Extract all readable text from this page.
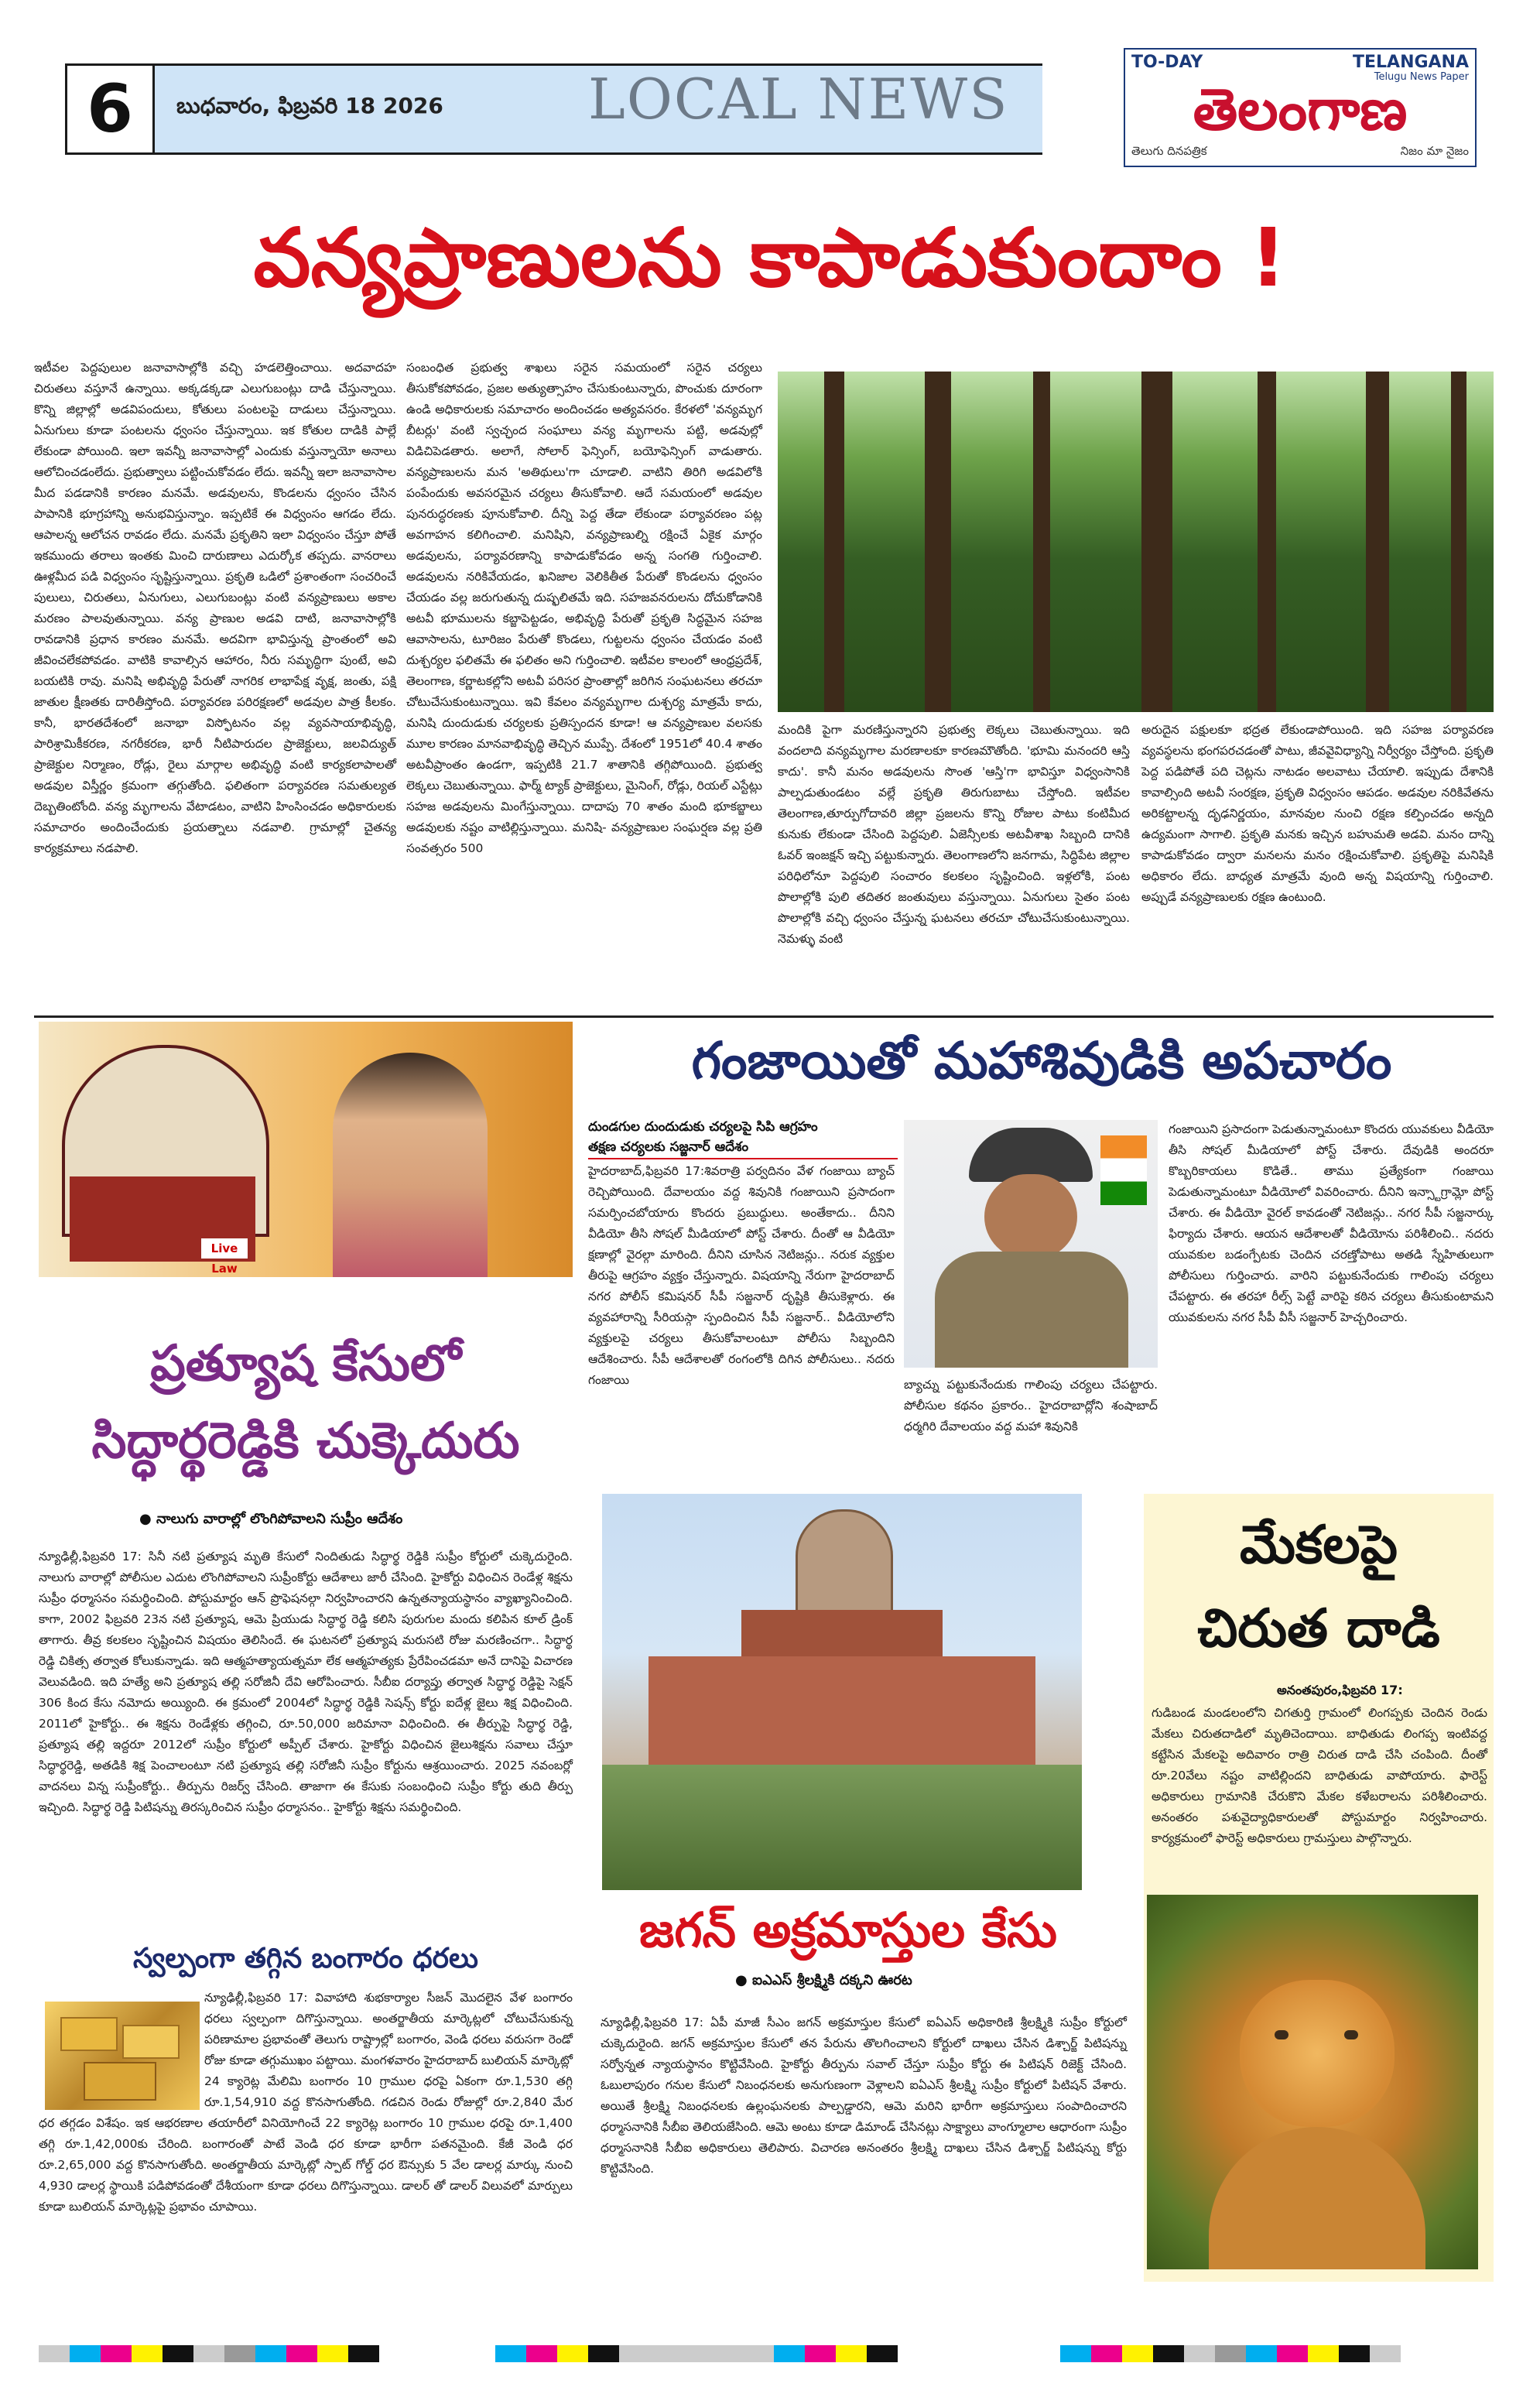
6	బుధవారం, ఫిబ్రవరి 18 2026	LOCAL NEWS
TO-DAY	TELANGANA
Telugu News Paper
తెలంగాణ
తెలుగు దినపత్రిక	నిజం మా నైజం
వన్యప్రాణులను కాపాడుకుందాం !
ఇటీవల పెద్దపులుల జనావాసాల్లోకి వచ్చి హడలెత్తించాయి. అదవాదహ చిరుతలు వస్తూనే ఉన్నాయి. అక్కడక్కడా ఎలుగుబంట్లు దాడి చేస్తున్నాయి. కొన్ని జిల్లాల్లో అడవిపందులు, కోతులు పంటలపై దాడులు చేస్తున్నాయి. ఏనుగులు కూడా పంటలను ధ్వంసం చేస్తున్నాయి. ఇక కోతుల దాడికి పాల్లే లేకుండా పోయింది. ఇలా ఇవన్నీ జనావాసాల్లో ఎందుకు వస్తున్నాయో అనాలు ఆలోచించడంలేదు. ప్రభుత్వాలు పట్టించుకోవడం లేదు. ఇవన్నీ ఇలా జనావాసాల మీద పడడానికి కారణం మనమే. అడవులను, కొండలను ధ్వంసం చేసిన పాపానికి భూగ్రహాన్ని అనుభవిస్తున్నాం. ఇప్పటికే ఈ విధ్వంసం ఆగడం లేదు. ఆపాలన్న ఆలోచన రావడం లేదు. మనమే ప్రకృతిని ఇలా విధ్వంసం చేస్తూ పోతే ఇకముందు తరాలు ఇంతకు మించి దారుణాలు ఎదుర్కోక తప్పదు. వానరాలు ఊళ్లమీద పడి విధ్వంసం సృష్టిస్తున్నాయి. ప్రకృతి ఒడిలో ప్రశాంతంగా సంచరించే పులులు, చిరుతలు, ఏనుగులు, ఎలుగుబంట్లు వంటి వన్యప్రాణులు అకాల మరణం పాలవుతున్నాయి. వన్య ప్రాణుల అడవి దాటి, జనావాసాల్లోకి రావడానికి ప్రధాన కారణం మనమే. అదవిగా భావిస్తున్న ప్రాంతంలో అవి జీవించలేకపోవడం. వాటికి కావాల్సిన ఆహారం, నీరు సమృద్ధిగా పుంటే, అవి బయటికి రావు. మనిషి అభివృద్ధి పేరుతో నాగరిక లాభాపేక్ష వృక్ష, జంతు, పక్షి జాతుల క్షీణతకు దారితీస్తోంది. పర్యావరణ పరిరక్షణలో అడవుల పాత్ర కీలకం. కానీ, భారతదేశంలో జనాభా విస్ఫోటనం వల్ల వ్యవసాయాభివృద్ధి, పారిశ్రామికీకరణ, నగరీకరణ, భారీ నీటిపారుదల ప్రాజెక్టులు, జలవిద్యుత్ ప్రాజెక్టుల నిర్మాణం, రోడ్లు, రైలు మార్గాల అభివృద్ధి వంటి కార్యకలాపాలతో అడవుల విస్తీర్ణం క్రమంగా తగ్గుతోంది. ఫలితంగా పర్యావరణ సమతుల్యత దెబ్బతింటోంది. వన్య మృగాలను వేటాడటం, వాటిని హింసించడం అధికారులకు సమాచారం అందించేందుకు ప్రయత్నాలు నడవాలి. గ్రామాల్లో చైతన్య కార్యక్రమాలు నడపాలి.
సంబంధిత ప్రభుత్వ శాఖలు సరైన సమయంలో సరైన చర్యలు తీసుకోకపోవడం, ప్రజల అత్యుత్సాహం చేసుకుంటున్నారు, పొంచుకు దూరంగా ఉండి అధికారులకు సమాచారం అందించడం అత్యవసరం. కేరళలో 'వన్యమృగ బీటర్లు' వంటి స్వచ్ఛంద సంఘాలు వన్య మృగాలను పట్టి, అడవుల్లో విడిచిపెడతారు. అలాగే, సోలార్ ఫెన్సింగ్, బయోఫెన్సింగ్ వాడుతారు. వన్యప్రాణులను మన 'అతిథులు'గా చూడాలి. వాటిని తిరిగి అడవిలోకి పంపేందుకు అవసరమైన చర్యలు తీసుకోవాలి. ఆదే సమయంలో అడవుల పునరుద్ధరణకు పూనుకోవాలి. దీన్ని పెద్ద తేడా లేకుండా పర్యావరణం పట్ల అవగాహన కలిగించాలి. మనిషిని, వన్యప్రాణుల్ని రక్షించే ఏకైక మార్గం అడవులను, పర్యావరణాన్ని కాపాడుకోవడం అన్న సంగతి గుర్తించాలి. అడవులను నరికివేయడం, ఖనిజాల వెలికితీత పేరుతో కొండలను ధ్వంసం చేయడం వల్ల జరుగుతున్న దుష్ఫలితమే ఇది. సహజవనరులను దోచుకోడానికి అటవీ భూములను కబ్జాపెట్టడం, అభివృద్ధి పేరుతో ప్రకృతి సిద్ధమైన సహజ ఆవాసాలను, టూరిజం పేరుతో కొండలు, గుట్టలను ధ్వంసం చేయడం వంటి దుశ్చర్యల ఫలితమే ఈ ఫలితం అని గుర్తించాలి. ఇటీవల కాలంలో ఆంధ్రప్రదేశ్, తెలంగాణ, కర్ణాటకల్లోని అటవీ పరిసర ప్రాంతాల్లో జరిగిన సంఘటనలు తరచూ చోటుచేసుకుంటున్నాయి. ఇవి కేవలం వన్యమృగాల దుశ్చర్య మాత్రమే కాదు, మనిషి దుందుడుకు చర్యలకు ప్రతిస్పందన కూడా! ఆ వన్యప్రాణుల వలసకు మూల కారణం మానవాభివృద్ధి తెచ్చిన ముప్పే. దేశంలో 1951లో 40.4 శాతం అటవీప్రాంతం ఉండగా, ఇప్పటికి 21.7 శాతానికి తగ్గిపోయింది. ప్రభుత్వ లెక్కలు చెబుతున్నాయి. ఫార్మ్ ట్యాక్ ప్రాజెక్టులు, మైనింగ్, రోడ్లు, రియల్ ఎస్టేట్లు సహజ అడవులను మింగేస్తున్నాయి. దాదాపు 70 శాతం మంది భూకబ్జాలు అడవులకు నష్టం వాటిల్లిస్తున్నాయి. మనిషి- వన్యప్రాణుల సంఘర్షణ వల్ల ప్రతి సంవత్సరం 500
మందికి పైగా మరణిస్తున్నారని ప్రభుత్వ లెక్కలు చెబుతున్నాయి. ఇది వందలాది వన్యమృగాల మరణాలకూ కారణమౌతోంది. 'భూమి మనందరి ఆస్తి కాదు'. కానీ మనం అడవులను సొంత 'ఆస్తి'గా భావిస్తూ విధ్వంసానికి పాల్పడుతుండటం వల్లే ప్రకృతి తిరుగుబాటు చేస్తోంది. ఇటీవల తెలంగాణ,తూర్పుగోదావరి జిల్లా ప్రజలను కొన్ని రోజుల పాటు కంటిమీద కునుకు లేకుండా చేసింది పెద్దపులి. ఏజెన్సీలకు అటవీశాఖ సిబ్బంది దానికి ఓవర్ ఇంజక్షన్ ఇచ్చి పట్టుకున్నారు. తెలంగాణలోని జనగామ, సిద్ధిపేట జిల్లాల పరిధిలోనూ పెద్దపులి సంచారం కలకలం సృష్టించింది. ఇళ్లలోకి, పంట పొలాల్లోకి పులి తదితర జంతువులు వస్తున్నాయి. ఏనుగులు సైతం పంట పొలాల్లోకి వచ్చి ధ్వంసం చేస్తున్న ఘటనలు తరచూ చోటుచేసుకుంటున్నాయి. నెమళ్ళు వంటి
అరుదైన పక్షులకూ భద్రత లేకుండాపోయింది. ఇది సహజ పర్యావరణ వ్యవస్థలను భంగపరచడంతో పాటు, జీవవైవిధ్యాన్ని నిర్వీర్యం చేస్తోంది. ప్రకృతి పెద్ద పడిపోతే పది చెట్లను నాటడం అలవాటు చేయాలి. ఇప్పుడు దేశానికి కావాల్సింది అటవీ సంరక్షణ, ప్రకృతి విధ్వంసం ఆపడం. అడవుల నరికివేతను అరికట్టాలన్న దృఢనిర్ణయం, మానవుల నుంచి రక్షణ కల్పించడం అన్నది ఉద్యమంగా సాగాలి. ప్రకృతి మనకు ఇచ్చిన బహుమతి అడవి. మనం దాన్ని కాపాడుకోవడం ద్వారా మనలను మనం రక్షించుకోవాలి. ప్రకృతిపై మనిషికి అధికారం లేదు. బాధ్యత మాత్రమే వుంది అన్న విషయాన్ని గుర్తించాలి. అప్పుడే వన్యప్రాణులకు రక్షణ ఉంటుంది.
Live Law
ప్రత్యూష కేసులో
సిద్ధార్థరెడ్డికి చుక్కెదురు
● నాలుగు వారాల్లో లొంగిపోవాలని సుప్రీం ఆదేశం
న్యూఢిల్లీ,ఫిబ్రవరి 17: సినీ నటి ప్రత్యూష మృతి కేసులో నిందితుడు సిద్ధార్థ రెడ్డికి సుప్రీం కోర్టులో చుక్కెదురైంది. నాలుగు వారాల్లో పోలీసుల ఎదుట లొంగిపోవాలని సుప్రీంకోర్టు ఆదేశాలు జారీ చేసింది. హైకోర్టు విధించిన రెండేళ్ల శిక్షను సుప్రీం ధర్మాసనం సమర్థించింది. పోస్టుమార్టం ఆన్ ప్రొఫెషనల్గా నిర్వహించారని ఉన్నతన్యాయస్థానం వ్యాఖ్యానించింది. కాగా, 2002 ఫిబ్రవరి 23న నటి ప్రత్యూష, ఆమె ప్రియుడు సిద్ధార్థ రెడ్డి కలిసి పురుగుల మందు కలిపిన కూల్ డ్రింక్ తాగారు. తీవ్ర కలకలం సృష్టించిన విషయం తెలిసిందే. ఈ ఘటనలో ప్రత్యూష మరుసటి రోజు మరణించగా.. సిద్ధార్థ రెడ్డి చికిత్స తర్వాత కోలుకున్నాడు. ఇది ఆత్మహత్యాయత్నమా లేక ఆత్మహత్యకు ప్రేరేపించడమా అనే దానిపై విచారణ వెలువడింది. ఇది హత్యే అని ప్రత్యూష తల్లి సరోజినీ దేవి ఆరోపించారు. సీబీఐ దర్యాప్తు తర్వాత సిద్ధార్థ రెడ్డిపై సెక్షన్ 306 కింద కేసు నమోదు అయ్యింది. ఈ క్రమంలో 2004లో సిద్ధార్థ రెడ్డికి సెషన్స్ కోర్టు ఐదేళ్ల జైలు శిక్ష విధించింది. 2011లో హైకోర్టు.. ఈ శిక్షను రెండేళ్లకు తగ్గించి, రూ.50,000 జరిమానా విధించింది. ఈ తీర్పుపై సిద్ధార్థ రెడ్డి, ప్రత్యూష తల్లి ఇద్దరూ 2012లో సుప్రీం కోర్టులో అప్పీల్ చేశారు. హైకోర్టు విధించిన జైలుశిక్షను సవాలు చేస్తూ సిద్ధార్థరెడ్డి, అతడికి శిక్ష పెంచాలంటూ నటి ప్రత్యూష తల్లి సరోజినీ సుప్రీం కోర్టును ఆశ్రయించారు. 2025 నవంబర్లో వాదనలు విన్న సుప్రీంకోర్టు.. తీర్పును రిజర్వ్ చేసింది. తాజాగా ఈ కేసుకు సంబంధించి సుప్రీం కోర్టు తుది తీర్పు ఇచ్చింది. సిద్ధార్థ రెడ్డి పిటిషన్ను తిరస్కరించిన సుప్రీం ధర్మాసనం.. హైకోర్టు శిక్షను సమర్థించింది.
గంజాయితో మహాశివుడికి అపచారం
దుండగుల దుందుడుకు చర్యలపై సిపి ఆగ్రహం
తక్షణ చర్యలకు సజ్జనార్ ఆదేశం
హైదరాబాద్,ఫిబ్రవరి 17:శివరాత్రి పర్వదినం వేళ గంజాయి బ్యాచ్ రెచ్చిపోయింది. దేవాలయం వద్ద శివునికి గంజాయిని ప్రసాదంగా సమర్పించబోయారు కొందరు ప్రబుద్ధులు. అంతేకాదు.. దీనిని వీడియో తీసి సోషల్ మీడియాలో పోస్ట్ చేశారు. దీంతో ఆ వీడియో క్షణాల్లో వైరల్గా మారింది. దీనిని చూసిన నెటిజన్లు.. నరుక వ్యక్తుల తీరుపై ఆగ్రహం వ్యక్తం చేస్తున్నారు. విషయాన్ని నేరుగా హైదరాబాద్ నగర పోలీస్ కమిషనర్ సీపీ సజ్జనార్ దృష్టికి తీసుకెళ్లారు. ఈ వ్యవహారాన్ని సీరియస్గా స్పందించిన సీపీ సజ్జనార్.. వీడియోలోని వ్యక్తులపై చర్యలు తీసుకోవాలంటూ పోలీసు సిబ్బందిని ఆదేశించారు. సీపీ ఆదేశాలతో రంగంలోకి దిగిన పోలీసులు.. నదరు గంజాయి	బ్యాచ్ను పట్టుకునేందుకు గాలింపు చర్యలు చేపట్టారు. పోలీసుల కథనం ప్రకారం.. హైదరాబాద్లోని శంషాబాద్ ధర్మగిరి దేవాలయం వద్ద మహా శివునికి
గంజాయిని ప్రసాదంగా పెడుతున్నామంటూ కొందరు యువకులు వీడియో తీసి సోషల్ మీడియాలో పోస్ట్ చేశారు. దేవుడికి అందరూ కొబ్బరికాయలు కొడితే.. తాము ప్రత్యేకంగా గంజాయి పెడుతున్నామంటూ వీడియోలో వివరించారు. దీనిని ఇన్స్టాగ్రామ్లో పోస్ట్ చేశారు. ఈ వీడియో వైరల్ కావడంతో నెటిజన్లు.. నగర సీపీ సజ్జనార్కు ఫిర్యాదు చేశారు. ఆయన ఆదేశాలతో వీడియోను పరిశీలించి.. నదరు యువకుల బడంగ్పేటకు చెందిన చరణ్తోపాటు అతడి స్నేహితులుగా పోలీసులు గుర్తించారు. వారిని పట్టుకునేందుకు గాలింపు చర్యలు చేపట్టారు. ఈ తరహా రీల్స్ పెట్టే వారిపై కఠిన చర్యలు తీసుకుంటామని యువకులను నగర సీపీ వీసీ సజ్జనార్ హెచ్చరించారు.
జగన్ అక్రమాస్తుల కేసు
● ఐఎఎస్ శ్రీలక్ష్మికి దక్కని ఊరట
న్యూఢిల్లీ,ఫిబ్రవరి 17: ఏపీ మాజీ సీఎం జగన్ అక్రమాస్తుల కేసులో ఐఏఎస్ అధికారిణి శ్రీలక్ష్మికి సుప్రీం కోర్టులో చుక్కెదురైంది. జగన్ అక్రమాస్తుల కేసులో తన పేరును తొలగించాలని కోర్టులో దాఖలు చేసిన డిశ్చార్జ్ పిటిషన్ను సర్వోన్నత న్యాయస్థానం కొట్టివేసింది. హైకోర్టు తీర్పును సవాల్ చేస్తూ సుప్రీం కోర్టు ఈ పిటిషన్ రిజెక్ట్ చేసింది. ఓబులాపురం గనుల కేసులో నిబంధనలకు అనుగుణంగా వెళ్లాలని ఐఏఎస్ శ్రీలక్ష్మి సుప్రీం కోర్టులో పిటిషన్ వేశారు. అయితే శ్రీలక్ష్మి నిబంధనలకు ఉల్లంఘనలకు పాల్పడ్డారని, ఆమె మరిని భారీగా అక్రమాస్తులు సంపాదించారని ధర్మాసనానికి సీబీఐ తెలియజేసింది. ఆమె అంటు కూడా డిమాండ్ చేసినట్లు సాక్ష్యాలు వాంగ్మూలాల ఆధారంగా సుప్రీం ధర్మాసనానికి సీబీఐ అధికారులు తెలిపారు. విచారణ అనంతరం శ్రీలక్ష్మి దాఖలు చేసిన డిశ్చార్జ్ పిటిషన్ను కోర్టు కొట్టివేసింది.
మేకలపై
చిరుత దాడి
అనంతపురం,ఫిబ్రవరి 17:
గుడిబండ మండలంలోని చిగతుర్తి గ్రామంలో లింగప్పకు చెందిన రెండు మేకలు చిరుతదాడిలో మృతిచెందాయి. బాధితుడు లింగప్ప ఇంటివద్ద కట్టేసిన మేకలపై అదివారం రాత్రి చిరుత దాడి చేసి చంపింది. దీంతో రూ.20వేలు నష్టం వాటిల్లిందని బాధితుడు వాపోయారు. ఫారెస్ట్ అధికారులు గ్రామానికి చేరుకొని మేకల కళేబరాలను పరిశీలించారు. అనంతరం పశువైద్యాధికారులతో పోస్టుమార్టం నిర్వహించారు. కార్యక్రమంలో ఫారెస్ట్ అధికారులు గ్రామస్తులు పాల్గొన్నారు.
స్వల్పంగా తగ్గిన బంగారం ధరలు
న్యూఢిల్లీ,ఫిబ్రవరి 17: వివాహాది శుభకార్యాల సీజన్ మొదలైన వేళ బంగారం ధరలు స్వల్పంగా దిగొస్తున్నాయి. అంతర్జాతీయ మార్కెట్లలో చోటుచేసుకున్న పరిణామాల ప్రభావంతో తెలుగు రాష్ట్రాల్లో బంగారం, వెండి ధరలు వరుసగా రెండో రోజు కూడా తగ్గుముఖం పట్టాయి. మంగళవారం హైదరాబాద్ బులియన్ మార్కెట్లో 24 క్యారెట్ల మేలిమి బంగారం 10 గ్రాముల ధరపై ఏకంగా రూ.1,530 తగ్గి రూ.1,54,910 వద్ద కొనసాగుతోంది. గడచిన రెండు రోజుల్లో రూ.2,840 మేర ధర తగ్గడం విశేషం. ఇక ఆభరణాల తయారీలో వినియోగించే 22 క్యారెట్ల బంగారం 10 గ్రాముల ధరపై రూ.1,400 తగ్గి రూ.1,42,000కు చేరింది. బంగారంతో పాటే వెండి ధర కూడా భారీగా పతనమైంది. కేజీ వెండి ధర రూ.2,65,000 వద్ద కొనసాగుతోంది. అంతర్జాతీయ మార్కెట్లో స్పాట్ గోల్డ్ ధర ఔన్సుకు 5 వేల డాలర్ల మార్కు నుంచి 4,930 డాలర్ల స్థాయికి పడిపోవడంతో దేశీయంగా కూడా ధరలు దిగొస్తున్నాయి. డాలర్ తో డాలర్ విలువలో మార్పులు కూడా బులియన్ మార్కెట్లపై ప్రభావం చూపాయి.
